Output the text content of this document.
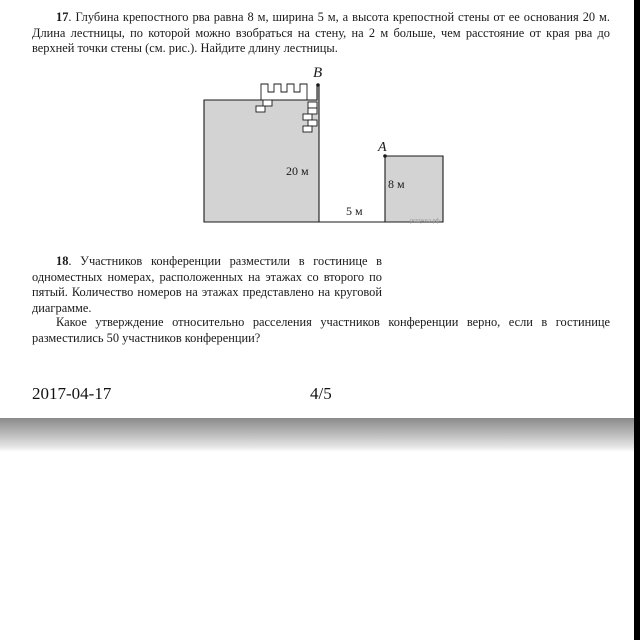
17. Глубина крепостного рва равна 8 м, ширина 5 м, а высота крепостной стены от ее основания 20 м. Длина лестницы, по которой можно взобраться на стену, на 2 м больше, чем расстояние от края рва до верхней точки стены (см. рис.). Найдите длину лестницы.

B
A
20 м
8 м
5 м
решуогэ.рф

18. Участников конференции разместили в гостинице в одноместных номерах, расположенных на этажах со второго по пятый. Количество номеров на этажах представлено на круговой диаграмме.

Какое утверждение относительно расселения участников конференции верно, если в гостинице разместились 50 участников конференции?

2017-04-17	4/5
